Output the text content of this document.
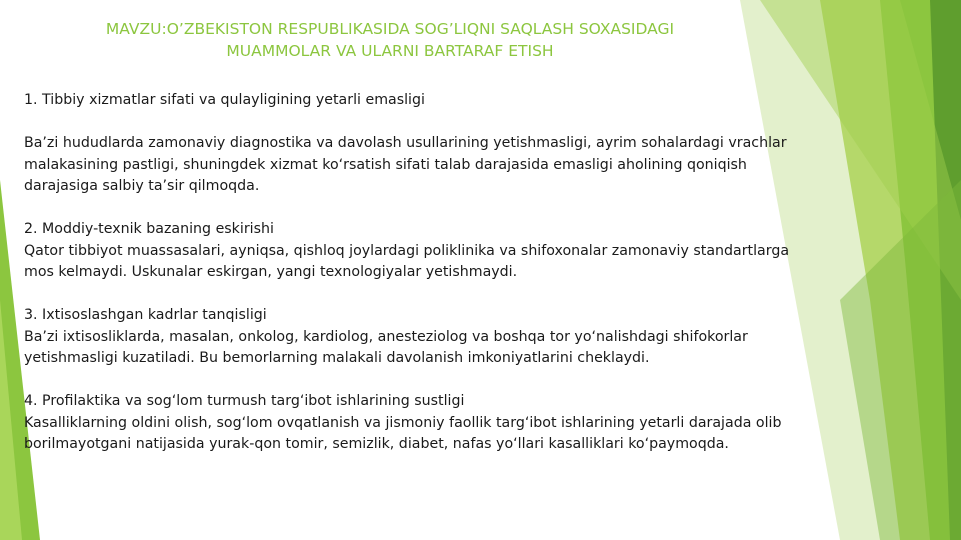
MAVZU:O’ZBEKISTON RESPUBLIKASIDA SOG’LIQNI SAQLASH SOXASIDAGI
MUAMMOLAR VA ULARNI BARTARAF ETISH
1. Tibbiy xizmatlar sifati va qulayligining yetarli emasligi
Ba’zi hududlarda zamonaviy diagnostika va davolash usullarining yetishmasligi, ayrim sohalardagi vrachlar
malakasining pastligi, shuningdek xizmat ko‘rsatish sifati talab darajasida emasligi aholining qoniqish
darajasiga salbiy ta’sir qilmoqda.
2. Moddiy-texnik bazaning eskirishi
Qator tibbiyot muassasalari, ayniqsa, qishloq joylardagi poliklinika va shifoxonalar zamonaviy standartlarga
mos kelmaydi. Uskunalar eskirgan, yangi texnologiyalar yetishmaydi.
3. Ixtisoslashgan kadrlar tanqisligi
Ba’zi ixtisosliklarda, masalan, onkolog, kardiolog, anesteziolog va boshqa tor yo‘nalishdagi shifokorlar
yetishmasligi kuzatiladi. Bu bemorlarning malakali davolanish imkoniyatlarini cheklaydi.
4. Profilaktika va sog‘lom turmush targ‘ibot ishlarining sustligi
Kasalliklarning oldini olish, sog‘lom ovqatlanish va jismoniy faollik targ‘ibot ishlarining yetarli darajada olib
borilmayotgani natijasida yurak-qon tomir, semizlik, diabet, nafas yo‘llari kasalliklari ko‘paymoqda.
